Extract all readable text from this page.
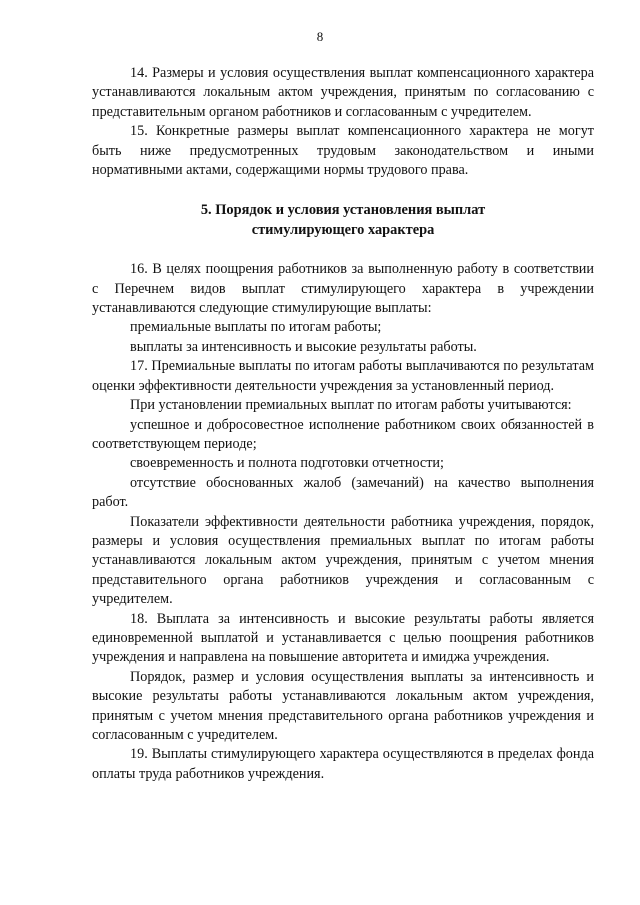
8

14. Размеры и условия осуществления выплат компенсационного характера устанавливаются локальным актом учреждения, принятым по согласованию с представительным органом работников и согласованным с учредителем.

15. Конкретные размеры выплат компенсационного характера не могут быть ниже предусмотренных трудовым законодательством и иными нормативными актами, содержащими нормы трудового права.

5. Порядок и условия установления выплат
стимулирующего характера

16. В целях поощрения работников за выполненную работу в соответствии с Перечнем видов выплат стимулирующего характера в учреждении устанавливаются следующие стимулирующие выплаты:

премиальные выплаты по итогам работы;

выплаты за интенсивность и высокие результаты работы.

17. Премиальные выплаты по итогам работы выплачиваются по результатам оценки эффективности деятельности учреждения за установленный период.

При установлении премиальных выплат по итогам работы учитываются:

успешное и добросовестное исполнение работником своих обязанностей в соответствующем периоде;

своевременность и полнота подготовки отчетности;

отсутствие обоснованных жалоб (замечаний) на качество выполнения работ.

Показатели эффективности деятельности работника учреждения, порядок, размеры и условия осуществления премиальных выплат по итогам работы устанавливаются локальным актом учреждения, принятым с учетом мнения представительного органа работников учреждения и согласованным с учредителем.

18. Выплата за интенсивность и высокие результаты работы является единовременной выплатой и устанавливается с целью поощрения работников учреждения и направлена на повышение авторитета и имиджа учреждения.

Порядок, размер и условия осуществления выплаты за интенсивность и высокие результаты работы устанавливаются локальным актом учреждения, принятым с учетом мнения представительного органа работников учреждения и согласованным с учредителем.

19. Выплаты стимулирующего характера осуществляются в пределах фонда оплаты труда работников учреждения.
